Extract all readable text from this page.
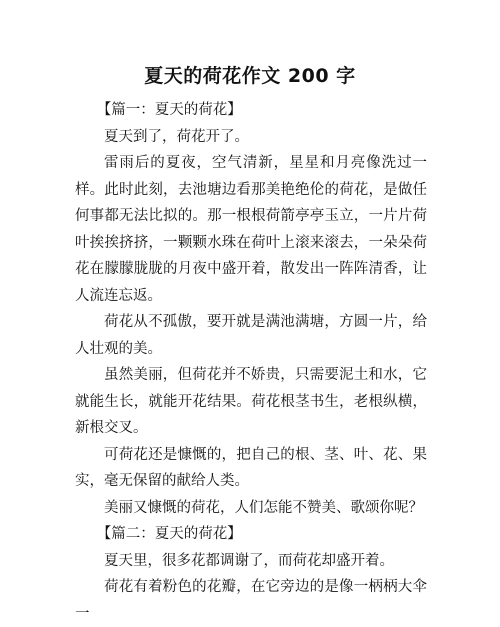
夏天的荷花作文 200 字

【篇一：夏天的荷花】

夏天到了，荷花开了。

雷雨后的夏夜，空气清新，星星和月亮像洗过一样。此时此刻，去池塘边看那美艳绝伦的荷花，是做任何事都无法比拟的。那一根根荷箭亭亭玉立，一片片荷叶挨挨挤挤，一颗颗水珠在荷叶上滚来滚去，一朵朵荷花在朦朦胧胧的月夜中盛开着，散发出一阵阵清香，让人流连忘返。

荷花从不孤傲，要开就是满池满塘，方圆一片，给人壮观的美。

虽然美丽，但荷花并不娇贵，只需要泥土和水，它就能生长，就能开花结果。荷花根茎书生，老根纵横，新根交叉。

可荷花还是慷慨的，把自己的根、茎、叶、花、果实，毫无保留的献给人类。

美丽又慷慨的荷花，人们怎能不赞美、歌颂你呢？

【篇二：夏天的荷花】

夏天里，很多花都调谢了，而荷花却盛开着。

荷花有着粉色的花瓣，在它旁边的是像一柄柄大伞一
